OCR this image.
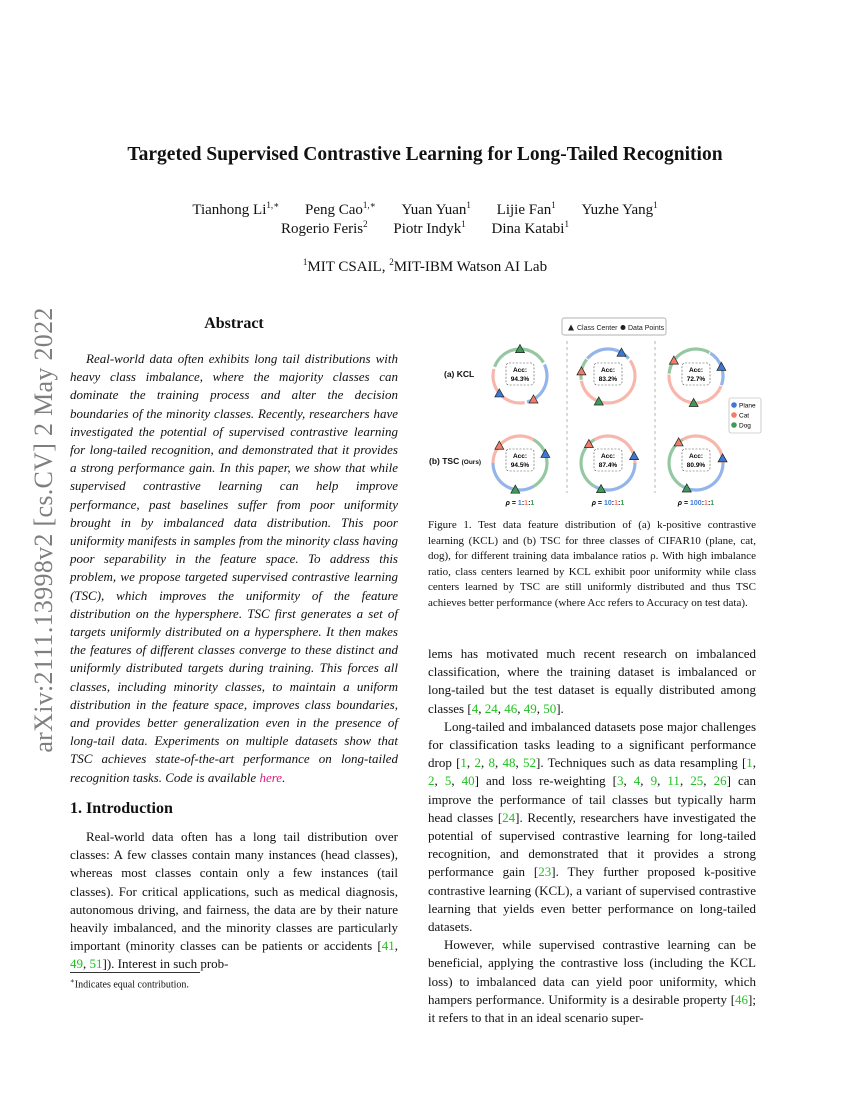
arXiv:2111.13998v2 [cs.CV] 2 May 2022
Targeted Supervised Contrastive Learning for Long-Tailed Recognition
Tianhong $Li^{1,∗}$ Peng Cao$^{1,∗}$ Yuan Yuan$^1$ Lijie Fan$^1$ Yuzhe Yang$^1$
Rogerio Feris$^2$ Piotr Indyk$^1$ Dina Katabi$^1$
$^1$MIT CSAIL, $^2$MIT-IBM Watson AI Lab
Abstract
Real-world data often exhibits long tail distributions with heavy class imbalance, where the majority classes can dominate the training process and alter the decision boundaries of the minority classes. Recently, researchers have investigated the potential of supervised contrastive learning for long-tailed recognition, and demonstrated that it provides a strong performance gain. In this paper, we show that while supervised contrastive learning can help improve performance, past baselines suffer from poor uniformity brought in by imbalanced data distribution. This poor uniformity manifests in samples from the minority class having poor separability in the feature space. To address this problem, we propose targeted supervised contrastive learning (TSC), which improves the uniformity of the feature distribution on the hypersphere. TSC first generates a set of targets uniformly distributed on a hypersphere. It then makes the features of different classes converge to these distinct and uniformly distributed targets during training. This forces all classes, including minority classes, to maintain a uniform distribution in the feature space, improves class boundaries, and provides better generalization even in the presence of long-tail data. Experiments on multiple datasets show that TSC achieves state-of-the-art performance on long-tailed recognition tasks. Code is available here.
1. Introduction
Real-world data often has a long tail distribution over classes: A few classes contain many instances (head classes), whereas most classes contain only a few instances (tail classes). For critical applications, such as medical diagnosis, autonomous driving, and fairness, the data are by their nature heavily imbalanced, and the minority classes are particularly important (minority classes can be patients or accidents [41, 49, 51]). Interest in such prob-
∗Indicates equal contribution.
Class Center Data Points
(a) KCL
(b) TSC (Ours)
Acc:
94.3%
Acc:
83.2%
Acc:
72.7%
Acc:
94.5%
Acc:
87.4%
Acc:
80.9%
ρ = 1:1:1	ρ = 10:1:1	ρ = 100:1:1
Plane
Cat
Dog
Figure 1. Test data feature distribution of (a) k-positive contrastive learning (KCL) and (b) TSC for three classes of CIFAR10 (plane, cat, dog), for different training data imbalance ratios ρ. With high imbalance ratio, class centers learned by KCL exhibit poor uniformity while class centers learned by TSC are still uniformly distributed and thus TSC achieves better performance (where Acc refers to Accuracy on test data).

lems has motivated much recent research on imbalanced classification, where the training dataset is imbalanced or long-tailed but the test dataset is equally distributed among classes [4, 24, 46, 49, 50].

Long-tailed and imbalanced datasets pose major challenges for classification tasks leading to a significant performance drop [1, 2, 8, 48, 52]. Techniques such as data resampling [1, 2, 5, 40] and loss re-weighting [3, 4, 9, 11, 25, 26] can improve the performance of tail classes but typically harm head classes [24]. Recently, researchers have investigated the potential of supervised contrastive learning for long-tailed recognition, and demonstrated that it provides a strong performance gain [23]. They further proposed k-positive contrastive learning (KCL), a variant of supervised contrastive learning that yields even better performance on long-tailed datasets.

However, while supervised contrastive learning can be beneficial, applying the contrastive loss (including the KCL loss) to imbalanced data can yield poor uniformity, which hampers performance. Uniformity is a desirable property [46]; it refers to that in an ideal scenario super-
